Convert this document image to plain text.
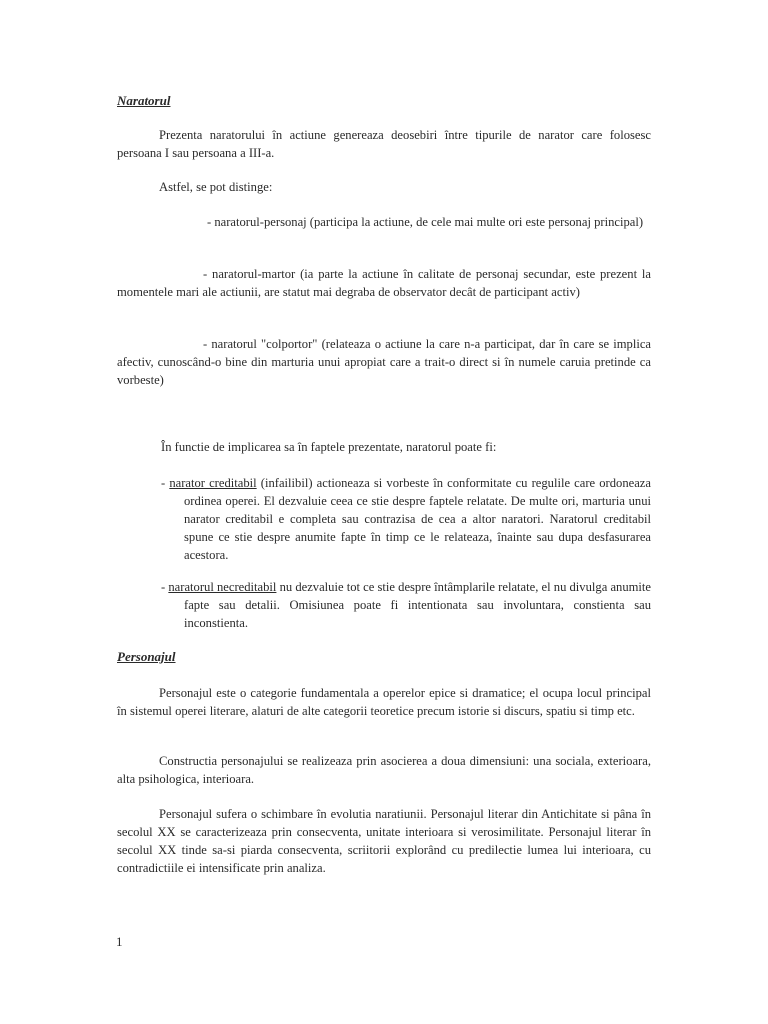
Naratorul

Prezenta naratorului în actiune genereaza deosebiri între tipurile de narator care folosesc persoana I sau persoana a III-a.

Astfel, se pot distinge:

- naratorul-personaj (participa la actiune, de cele mai multe ori este personaj principal)

- naratorul-martor (ia parte la actiune în calitate de personaj secundar, este prezent la momentele mari ale actiunii, are statut mai degraba de observator decât de participant activ)

- naratorul "colportor" (relateaza o actiune la care n-a participat, dar în care se implica afectiv, cunoscând-o bine din marturia unui apropiat care a trait-o direct si în numele caruia pretinde ca vorbeste)

În functie de implicarea sa în faptele prezentate, naratorul poate fi:

- narator creditabil (infailibil) actioneaza si vorbeste în conformitate cu regulile care ordoneaza ordinea operei. El dezvaluie ceea ce stie despre faptele relatate. De multe ori, marturia unui narator creditabil e completa sau contrazisa de cea a altor naratori. Naratorul creditabil spune ce stie despre anumite fapte în timp ce le relateaza, înainte sau dupa desfasurarea acestora.

- naratorul necreditabil nu dezvaluie tot ce stie despre întâmplarile relatate, el nu divulga anumite fapte sau detalii. Omisiunea poate fi intentionata sau involuntara, constienta sau inconstienta.

Personajul

Personajul este o categorie fundamentala a operelor epice si dramatice; el ocupa locul principal în sistemul operei literare, alaturi de alte categorii teoretice precum istorie si discurs, spatiu si timp etc.

Constructia personajului se realizeaza prin asocierea a doua dimensiuni: una sociala, exterioara, alta psihologica, interioara.

Personajul sufera o schimbare în evolutia naratiunii. Personajul literar din Antichitate si pâna în secolul XX se caracterizeaza prin consecventa, unitate interioara si verosimilitate. Personajul literar în secolul XX tinde sa-si piarda consecventa, scriitorii explorând cu predilectie lumea lui interioara, cu contradictiile ei intensificate prin analiza.

1
